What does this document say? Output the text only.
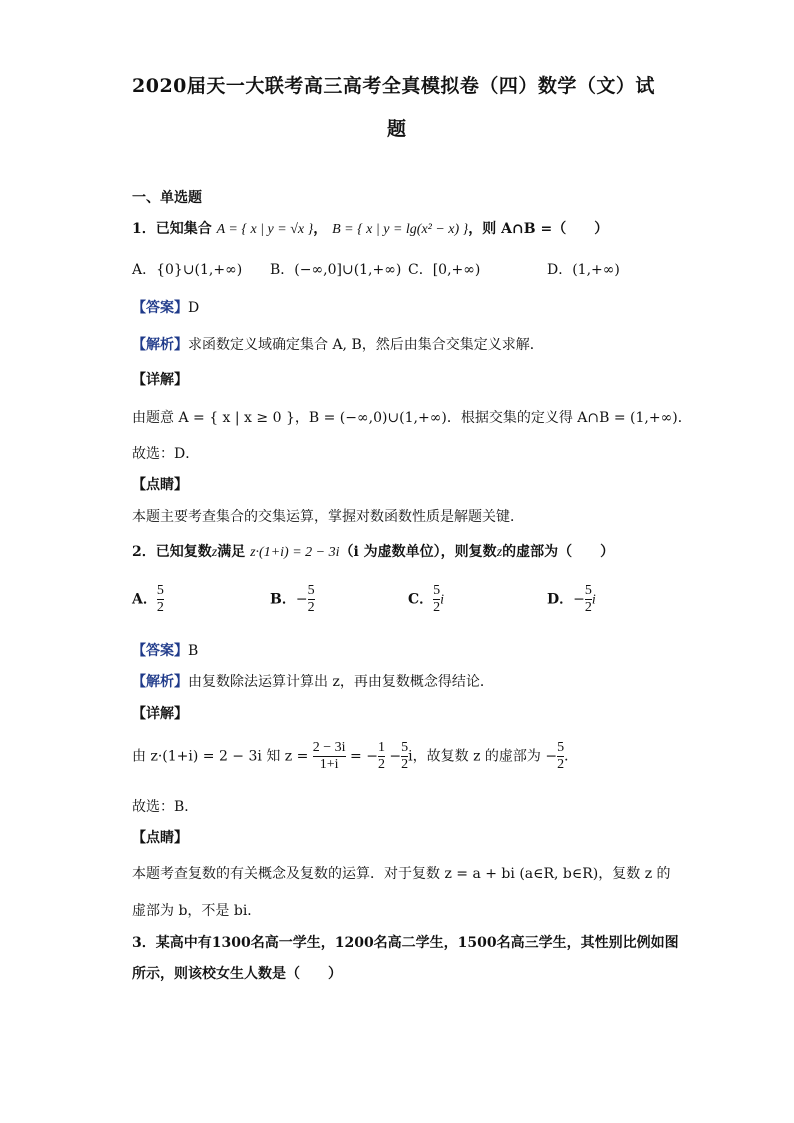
2020届天一大联考高三高考全真模拟卷（四）数学（文）试
题
一、单选题
1．已知集合 A = { x | y = √x }， B = { x | y = lg(x² − x) }，则 A∩B =（　　）
A．{0}∪(1,+∞) B．(−∞,0]∪(1,+∞) C．[0,+∞)	D．(1,+∞)
【答案】D
【解析】求函数定义域确定集合 A, B，然后由集合交集定义求解．
【详解】
由题意 A = { x | x ≥ 0 }，B = (−∞,0)∪(1,+∞)．根据交集的定义得 A∩B = (1,+∞)．
故选：D．
【点睛】
本题主要考查集合的交集运算，掌握对数函数性质是解题关键．
2．已知复数z满足 z·(1+i) = 2 − 3i（i 为虚数单位），则复数z的虚部为（　　）
A． $\frac{5}{2}$	B．− $\frac{5}{2}$	C． $\frac{5}{2}$ i	D．− $\frac{5}{2}$ i
【答案】B
【解析】由复数除法运算计算出 z，再由复数概念得结论．
【详解】
由 z·(1+i) = 2 − 3i 知 $z = \frac{2 - 3i}{1+i}$ = − $\frac{1}{2} - \frac{5}{2}$ i，故复数 z 的虚部为 − $\frac{5}{2}$ ．
故选：B．
【点睛】
本题考查复数的有关概念及复数的运算．对于复数 z = a + bi (a∈R, b∈R)，复数 z 的
虚部为 b，不是 bi．
3．某高中有1300名高一学生，1200名高二学生，1500名高三学生，其性别比例如图
所示，则该校女生人数是（　　）
